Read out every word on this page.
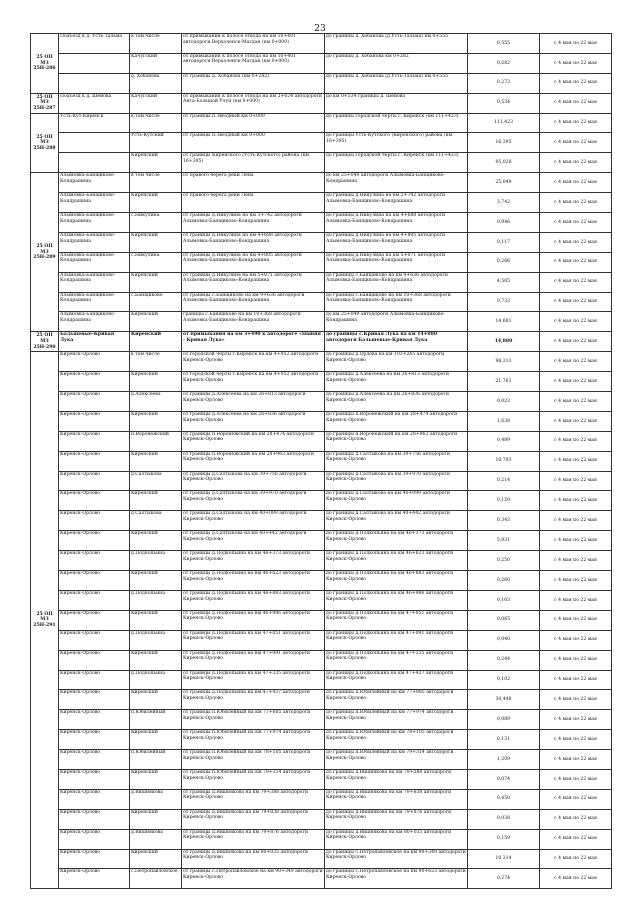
23
25 ОП МЗ
25Н-286	Подъезд к д. Усть-Тальма	в том числе	от примыкания к полосе отвода на км 10+401 автодороги Верхоленск-Магдан (км 0+000)	до границы д. Хобанова (д.Усть-Тальма) км 0+555	0,555	с 4 мая по 22 мая
		Качугский	от примыкания к полосе отвода на км 10+401 автодороги Верхоленск-Магдан (км 0+000)	до границы д. Хобанова км 0+282	0,282	с 4 мая по 22 мая
		д. Хобанова	от границы д. Хобанова (км 0+282)	до границы д. Хобанова (д.Усть-Тальма) км 0+555	0,273	с 4 мая по 22 мая

25 ОП МЗ
25Н-287	Подъезд к д. Шеиова	Качугский	от примыкания к полосе отвода на км 2+624 автодороги Анга-Большой Улун (км 0+000)	до км 0+534 границы д. Шеиова	0,534	с 4 мая по 22 мая

25 ОП МЗ
25Н-288	Усть-Кут-Киренск	в том числе	от границы п.Звездный км 0+000	до границы городской черты г. Киренск (км 111+423)	111,423	с 4 мая по 22 мая
		Усть-Кутский	от границы п.Звездный км 0+000	до границы Усть-Кутского (Киренского) района (км 16+395)	16,395	с 4 мая по 22 мая
		Киренский	от границы Киренского (Усть-Кутского) района (км 16+395)	до границы городской черты г. Киренск (км 111+423)	95,028	с 4 мая по 22 мая

25 ОП МЗ
25Н-289	Алымовка-Банщиково-Кондрашина	в том числе	от правого берега реки Лена	до км 25+049 автодороги Алымовка-Банщиково-Кондрашина	25,049	с 4 мая по 22 мая
	Алымовка-Банщиково-Кондрашина	Киренский	от правого берега реки Лена	до границы д.Никулина на км 3+742 автодороги Алымовка-Банщиково-Кондрашина	3,742	с 4 мая по 22 мая
	Алымовка-Банщиково-Кондрашина	с.Никулина	от границы д.Никулина на км 3+742 автодороги Алымовка-Банщиково-Кондрашина	до границы д.Никулина на км 4+688 автодороги Алымовка-Банщиково-Кондрашина	0,946	с 4 мая по 22 мая
	Алымовка-Банщиково-Кондрашина	Киренский	от границы д.Никулина на км 4+688 автодороги Алымовка-Банщиково-Кондрашина	до границы д.Никулина на км 4+805 автодороги Алымовка-Банщиково-Кондрашина	0,117	с 4 мая по 22 мая
	Алымовка-Банщиково-Кондрашина	с.Никулина	от границы д.Никулина на км 4+805 автодороги Алымовка-Банщиково-Кондрашина	до границы д.Никулина на км 5+071 автодороги Алымовка-Банщиково-Кондрашина	0,266	с 4 мая по 22 мая
	Алымовка-Банщиково-Кондрашина	Киренский	от границы д.Никулина на км 5+071 автодороги Алымовка-Банщиково-Кондрашина	до границы с.Банщиково на км 9+636 автодороги Алымовка-Банщиково-Кондрашина	4,565	с 4 мая по 22 мая
	Алымовка-Банщиково-Кондрашина	с.Банщиково	от границы с.Банщиково на км 9+636 автодороги Алымовка-Банщиково-Кондрашина	до границы с.Банщиково на км 10+368 автодороги Алымовка-Банщиково-Кондрашина	0,732	с 4 мая по 22 мая
	Алымовка-Банщиково-Кондрашина	Киренский	границы с.Банщиково на км 10+368 автодороги Алымовка-Банщиково-Кондрашина	до км 25+049 автодороги Алымовка-Банщиково-Кондрашина	14,681	с 4 мая по 22 мая

25 ОП МЗ
25Н-290	Бальшевые-Кривая Лука	Киренский	от примыкания на км 3+490 к автодороге «Пашня - Кривая Лука»	до границы с.Кривая Лука на км 14+880 автодороги Бальшевые-Кривая Лука	14,880	с 4 мая по 22 мая

25 ОП МЗ
25Н-291	Киренск-Орлово	в том числе	от городской черты г.Киренск на км 4+952 автодороги Киренск-Орлово	до границы д.Орлова на км 103+265 автодороги Киренск-Орлово	98,313	с 4 мая по 22 мая
	Киренск-Орлово	Киренский	от городской черты г.Киренск на км 4+952 автодороги Киренск-Орлово	до границы д.Алексеева на км 26+813 автодороги Киренск-Орлово	21,761	с 4 мая по 22 мая
	Киренск-Орлово	д.Алексеева	от границы д.Алексеева на км 26+813 автодороги Киренск-Орлово	до границы д.Алексеева на км 26+836 автодороги Киренск-Орлово	0,023	с 4 мая по 22 мая
	Киренск-Орлово	Киренский	от границы д.Алексеева на км 26+836 автодороги Киренск-Орлово	до границы п.Воронежский на км 28+474 автодороги Киренск-Орлово	1,638	с 4 мая по 22 мая
	Киренск-Орлово	п.Воронежский	от границы п.Воронежский на км 28+474 автодороги Киренск-Орлово	до границы п.Воронежский на км 28+963 автодороги Киренск-Орлово	0,489	с 4 мая по 22 мая
	Киренск-Орлово	Киренский	от границы п.Воронежский на км 28+963 автодороги Киренск-Орлово	до границы д.Салтыкова на км 39+756 автодороги Киренск-Орлово	10,793	с 4 мая по 22 мая
	Киренск-Орлово	д.Салтыкова	от границы д.Салтыкова на км 39+756 автодороги Киренск-Орлово	до границы д.Салтыкова на км 39+970 автодороги Киренск-Орлово	0,214	с 4 мая по 22 мая
	Киренск-Орлово	Киренский	от границы д.Салтыкова на км 39+970 автодороги Киренск-Орлово	до границы д.Салтыкова на км 40+099 автодороги Киренск-Орлово	0,129	с 4 мая по 22 мая
	Киренск-Орлово	д.Салтыкова	от границы д.Салтыкова на км 40+099 автодороги Киренск-Орлово	до границы д.Салтыкова на км 40+442 автодороги Киренск-Орлово	0,343	с 4 мая по 22 мая
	Киренск-Орлово	Киренский	от границы д.Салтыкова на км 40+442 автодороги Киренск-Орлово	до границы д.Подкопьина на км 46+373 автодороги Киренск-Орлово	5,931	с 4 мая по 22 мая
	Киренск-Орлово	д.Подкопьина	от границы д.Подкопьина на км 46+373 автодороги Киренск-Орлово	до границы д.Подкопьина на км 46+623 автодороги Киренск-Орлово	0,250	с 4 мая по 22 мая
	Киренск-Орлово	Киренский	от границы д.Подкопьина на км 46+623 автодороги Киренск-Орлово	до границы д.Подкопьина на км 46+883 автодороги Киренск-Орлово	0,260	с 4 мая по 22 мая
	Киренск-Орлово	д.Подкопьина	от границы д.Подкопьина на км 46+883 автодороги Киренск-Орлово	до границы д.Подкопьина на км 46+986 автодороги Киренск-Орлово	0,103	с 4 мая по 22 мая
	Киренск-Орлово	Киренский	от границы д.Подкопьина на км 46+986 автодороги Киренск-Орлово	до границы д.Подкопьина на км 47+051 автодороги Киренск-Орлово	0,065	с 4 мая по 22 мая
	Киренск-Орлово	д.Подкопьина	от границы д.Подкопьина на км 47+051 автодороги Киренск-Орлово	до границы д.Подкопьина на км 47+091 автодороги Киренск-Орлово	0,040	с 4 мая по 22 мая
	Киренск-Орлово	Киренский	от границы д.Подкопьина на км 47+091 автодороги Киренск-Орлово	до границы д.Подкопьина на км 47+335 автодороги Киренск-Орлово	0,244	с 4 мая по 22 мая
	Киренск-Орлово	д.Подкопьина	от границы д.Подкопьина на км 47+335 автодороги Киренск-Орлово	до границы д.Подкопьина на км 47+437 автодороги Киренск-Орлово	0,102	с 4 мая по 22 мая
	Киренск-Орлово	Киренский	от границы д.Подкопьина на км 47+437 автодороги Киренск-Орлово	до границы п.Юбилейный на км 77+885 автодороги Киренск-Орлово	30,448	с 4 мая по 22 мая
	Киренск-Орлово	п.Юбилейный	от границы п.Юбилейный на км 77+885 автодороги Киренск-Орлово	до границы п.Юбилейный на км 77+974 автодороги Киренск-Орлово	0,089	с 4 мая по 22 мая
	Киренск-Орлово	Киренский	от границы п.Юбилейный на км 77+974 автодороги Киренск-Орлово	до границы п.Юбилейный на км 78+105 автодороги Киренск-Орлово	0,131	с 4 мая по 22 мая
	Киренск-Орлово	п.Юбилейный	от границы п.Юбилейный на км 78+105 автодороги Киренск-Орлово	до границы п.Юбилейный на км 79+314 автодороги Киренск-Орлово	1,209	с 4 мая по 22 мая
	Киренск-Орлово	Киренский	от границы п.Юбилейный на км 79+314 автодороги Киренск-Орлово	до границы д.Вишнякова на км 79+388 автодороги Киренск-Орлово	0,074	с 4 мая по 22 мая
	Киренск-Орлово	д.Вишнякова	от границы д.Вишнякова на км 79+388 автодороги Киренск-Орлово	до границы д.Вишнякова на км 79+838 автодороги Киренск-Орлово	0,450	с 4 мая по 22 мая
	Киренск-Орлово	Киренский	от границы д.Вишнякова на км 79+838 автодороги Киренск-Орлово	до границы д.Вишнякова на км 79+876 автодороги Киренск-Орлово	0,038	с 4 мая по 22 мая
	Киренск-Орлово	д.Вишнякова	от границы д.Вишнякова на км 79+876 автодороги Киренск-Орлово	до границы д.Вишнякова на км 80+035 автодороги Киренск-Орлово	0,159	с 4 мая по 22 мая
	Киренск-Орлово	Киренский	от границы д.Вишнякова на км 80+035 автодороги Киренск-Орлово	до границы с.Петропавловское на км 90+349 автодороги Киренск-Орлово	10,314	с 4 мая по 22 мая
	Киренск-Орлово	с.Петропавловское	от границы с.Петропавловское на км 90+349 автодороги Киренск-Орлово	до границы с.Петропавловское на км 90+623 автодороги Киренск-Орлово	0,274	с 4 мая по 22 мая
